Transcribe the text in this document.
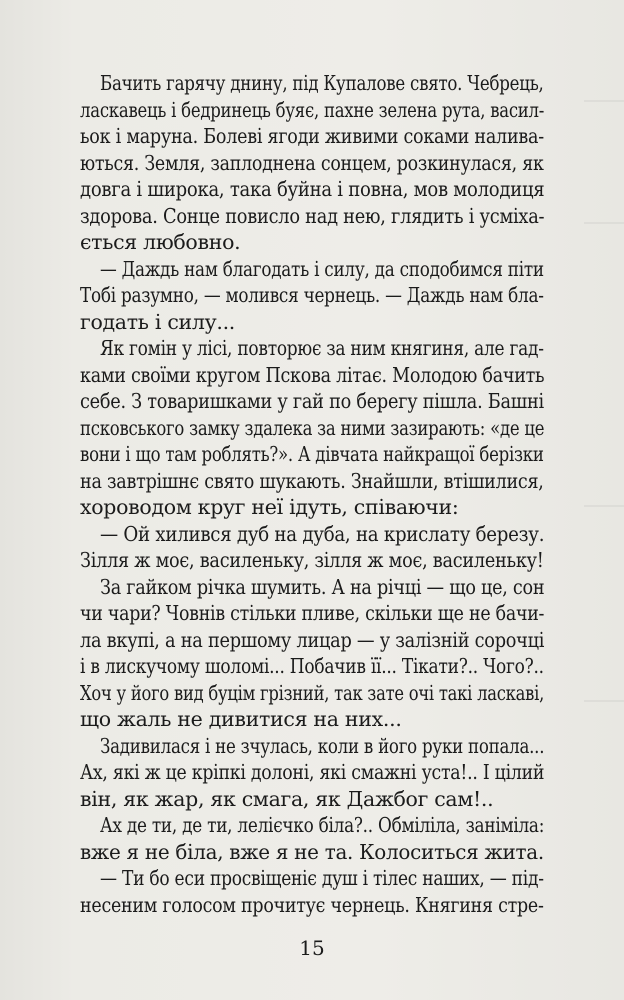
Бачить гарячу днину, під Купалове свято. Чебрець,
ласкавець і бедринець буяє, пахне зелена рута, васил-
ьок і маруна. Болеві ягоди живими соками налива-
ються. Земля, заплоднена сонцем, розкинулася, як
довга і широка, така буйна і повна, мов молодиця
здорова. Сонце повисло над нею, глядить і усміха-
ється любовно.
— Даждь нам благодать і силу, да сподобимся піти
Тобі разумно, — молився чернець. — Даждь нам бла-
годать і силу...
Як гомін у лісі, повторює за ним княгиня, але гад-
ками своїми кругом Пскова літає. Молодою бачить
себе. З товаришками у гай по берегу пішла. Башні
псковського замку здалека за ними зазирають: «де це
вони і що там роблять?». А дівчата найкращої берізки
на завтрішнє свято шукають. Знайшли, втішилися,
хороводом круг неї ідуть, співаючи:
— Ой хилився дуб на дуба, на крислату березу.
Зілля ж моє, василеньку, зілля ж моє, василеньку!
За гайком річка шумить. А на річці — що це, сон
чи чари? Човнів стільки пливе, скільки ще не бачи-
ла вкупі, а на першому лицар — у залізній сорочці
і в лискучому шоломі... Побачив її... Тікати?.. Чого?..
Хоч у його вид буцім грізний, так зате очі такі ласкаві,
що жаль не дивитися на них...
Задивилася і не зчулась, коли в його руки попала...
Ах, які ж це кріпкі долоні, які смажні уста!.. І цілий
він, як жар, як смага, як Дажбог сам!..
Ах де ти, де ти, лелієчко біла?.. Обміліла, заніміла:
вже я не біла, вже я не та. Колоситься жита.
— Ти бо еси просвіщеніє душ і тілес наших, — під-
несеним голосом прочитує чернець. Княгиня стре-
15
